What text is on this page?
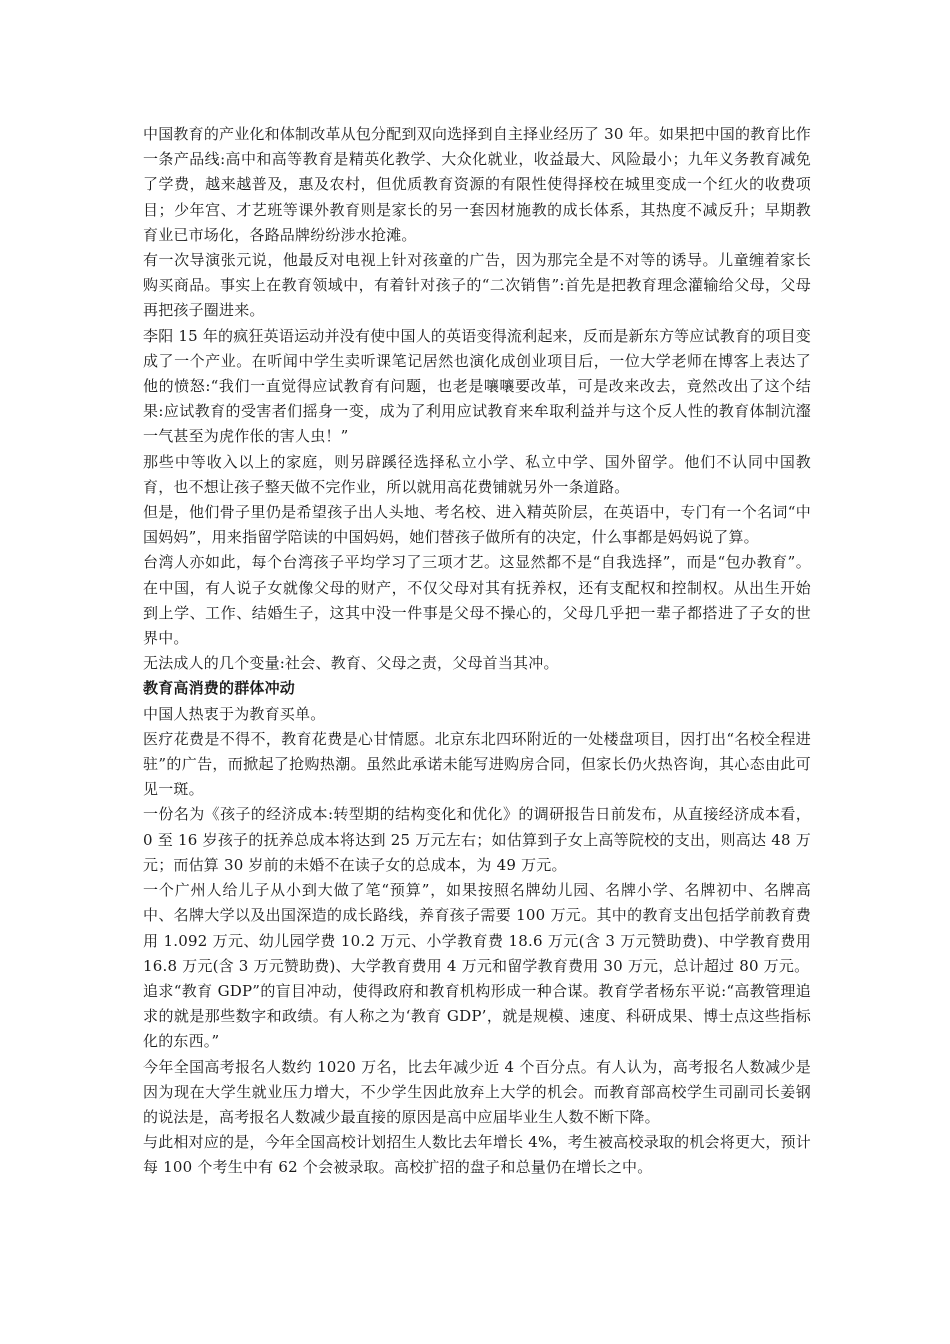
中国教育的产业化和体制改革从包分配到双向选择到自主择业经历了 30 年。如果把中国的教育比作一条产品线:高中和高等教育是精英化教学、大众化就业，收益最大、风险最小；九年义务教育减免了学费，越来越普及，惠及农村，但优质教育资源的有限性使得择校在城里变成一个红火的收费项目；少年宫、才艺班等课外教育则是家长的另一套因材施教的成长体系，其热度不减反升；早期教育业已市场化，各路品牌纷纷涉水抢滩。

有一次导演张元说，他最反对电视上针对孩童的广告，因为那完全是不对等的诱导。儿童缠着家长购买商品。事实上在教育领域中，有着针对孩子的“二次销售”:首先是把教育理念灌输给父母，父母再把孩子圈进来。

李阳 15 年的疯狂英语运动并没有使中国人的英语变得流利起来，反而是新东方等应试教育的项目变成了一个产业。在听闻中学生卖听课笔记居然也演化成创业项目后，一位大学老师在博客上表达了他的愤怒:“我们一直觉得应试教育有问题，也老是嚷嚷要改革，可是改来改去，竟然改出了这个结果:应试教育的受害者们摇身一变，成为了利用应试教育来牟取利益并与这个反人性的教育体制沆瀣一气甚至为虎作伥的害人虫！”

那些中等收入以上的家庭，则另辟蹊径选择私立小学、私立中学、国外留学。他们不认同中国教育，也不想让孩子整天做不完作业，所以就用高花费铺就另外一条道路。

但是，他们骨子里仍是希望孩子出人头地、考名校、进入精英阶层，在英语中，专门有一个名词“中国妈妈”，用来指留学陪读的中国妈妈，她们替孩子做所有的决定，什么事都是妈妈说了算。

台湾人亦如此，每个台湾孩子平均学习了三项才艺。这显然都不是“自我选择”，而是“包办教育”。在中国，有人说子女就像父母的财产，不仅父母对其有抚养权，还有支配权和控制权。从出生开始到上学、工作、结婚生子，这其中没一件事是父母不操心的，父母几乎把一辈子都搭进了子女的世界中。

无法成人的几个变量:社会、教育、父母之责，父母首当其冲。

教育高消费的群体冲动

中国人热衷于为教育买单。

医疗花费是不得不，教育花费是心甘情愿。北京东北四环附近的一处楼盘项目，因打出“名校全程进驻”的广告，而掀起了抢购热潮。虽然此承诺未能写进购房合同，但家长仍火热咨询，其心态由此可见一斑。

一份名为《孩子的经济成本:转型期的结构变化和优化》的调研报告日前发布，从直接经济成本看，0 至 16 岁孩子的抚养总成本将达到 25 万元左右；如估算到子女上高等院校的支出，则高达 48 万元；而估算 30 岁前的未婚不在读子女的总成本，为 49 万元。

一个广州人给儿子从小到大做了笔“预算”，如果按照名牌幼儿园、名牌小学、名牌初中、名牌高中、名牌大学以及出国深造的成长路线，养育孩子需要 100 万元。其中的教育支出包括学前教育费用 1.092 万元、幼儿园学费 10.2 万元、小学教育费 18.6 万元(含 3 万元赞助费)、中学教育费用 16.8 万元(含 3 万元赞助费)、大学教育费用 4 万元和留学教育费用 30 万元，总计超过 80 万元。

追求“教育 GDP”的盲目冲动，使得政府和教育机构形成一种合谋。教育学者杨东平说:“高教管理追求的就是那些数字和政绩。有人称之为‘教育 GDP’，就是规模、速度、科研成果、博士点这些指标化的东西。”

今年全国高考报名人数约 1020 万名，比去年减少近 4 个百分点。有人认为，高考报名人数减少是因为现在大学生就业压力增大，不少学生因此放弃上大学的机会。而教育部高校学生司副司长姜钢的说法是，高考报名人数减少最直接的原因是高中应届毕业生人数不断下降。

与此相对应的是，今年全国高校计划招生人数比去年增长 4%，考生被高校录取的机会将更大，预计每 100 个考生中有 62 个会被录取。高校扩招的盘子和总量仍在增长之中。
